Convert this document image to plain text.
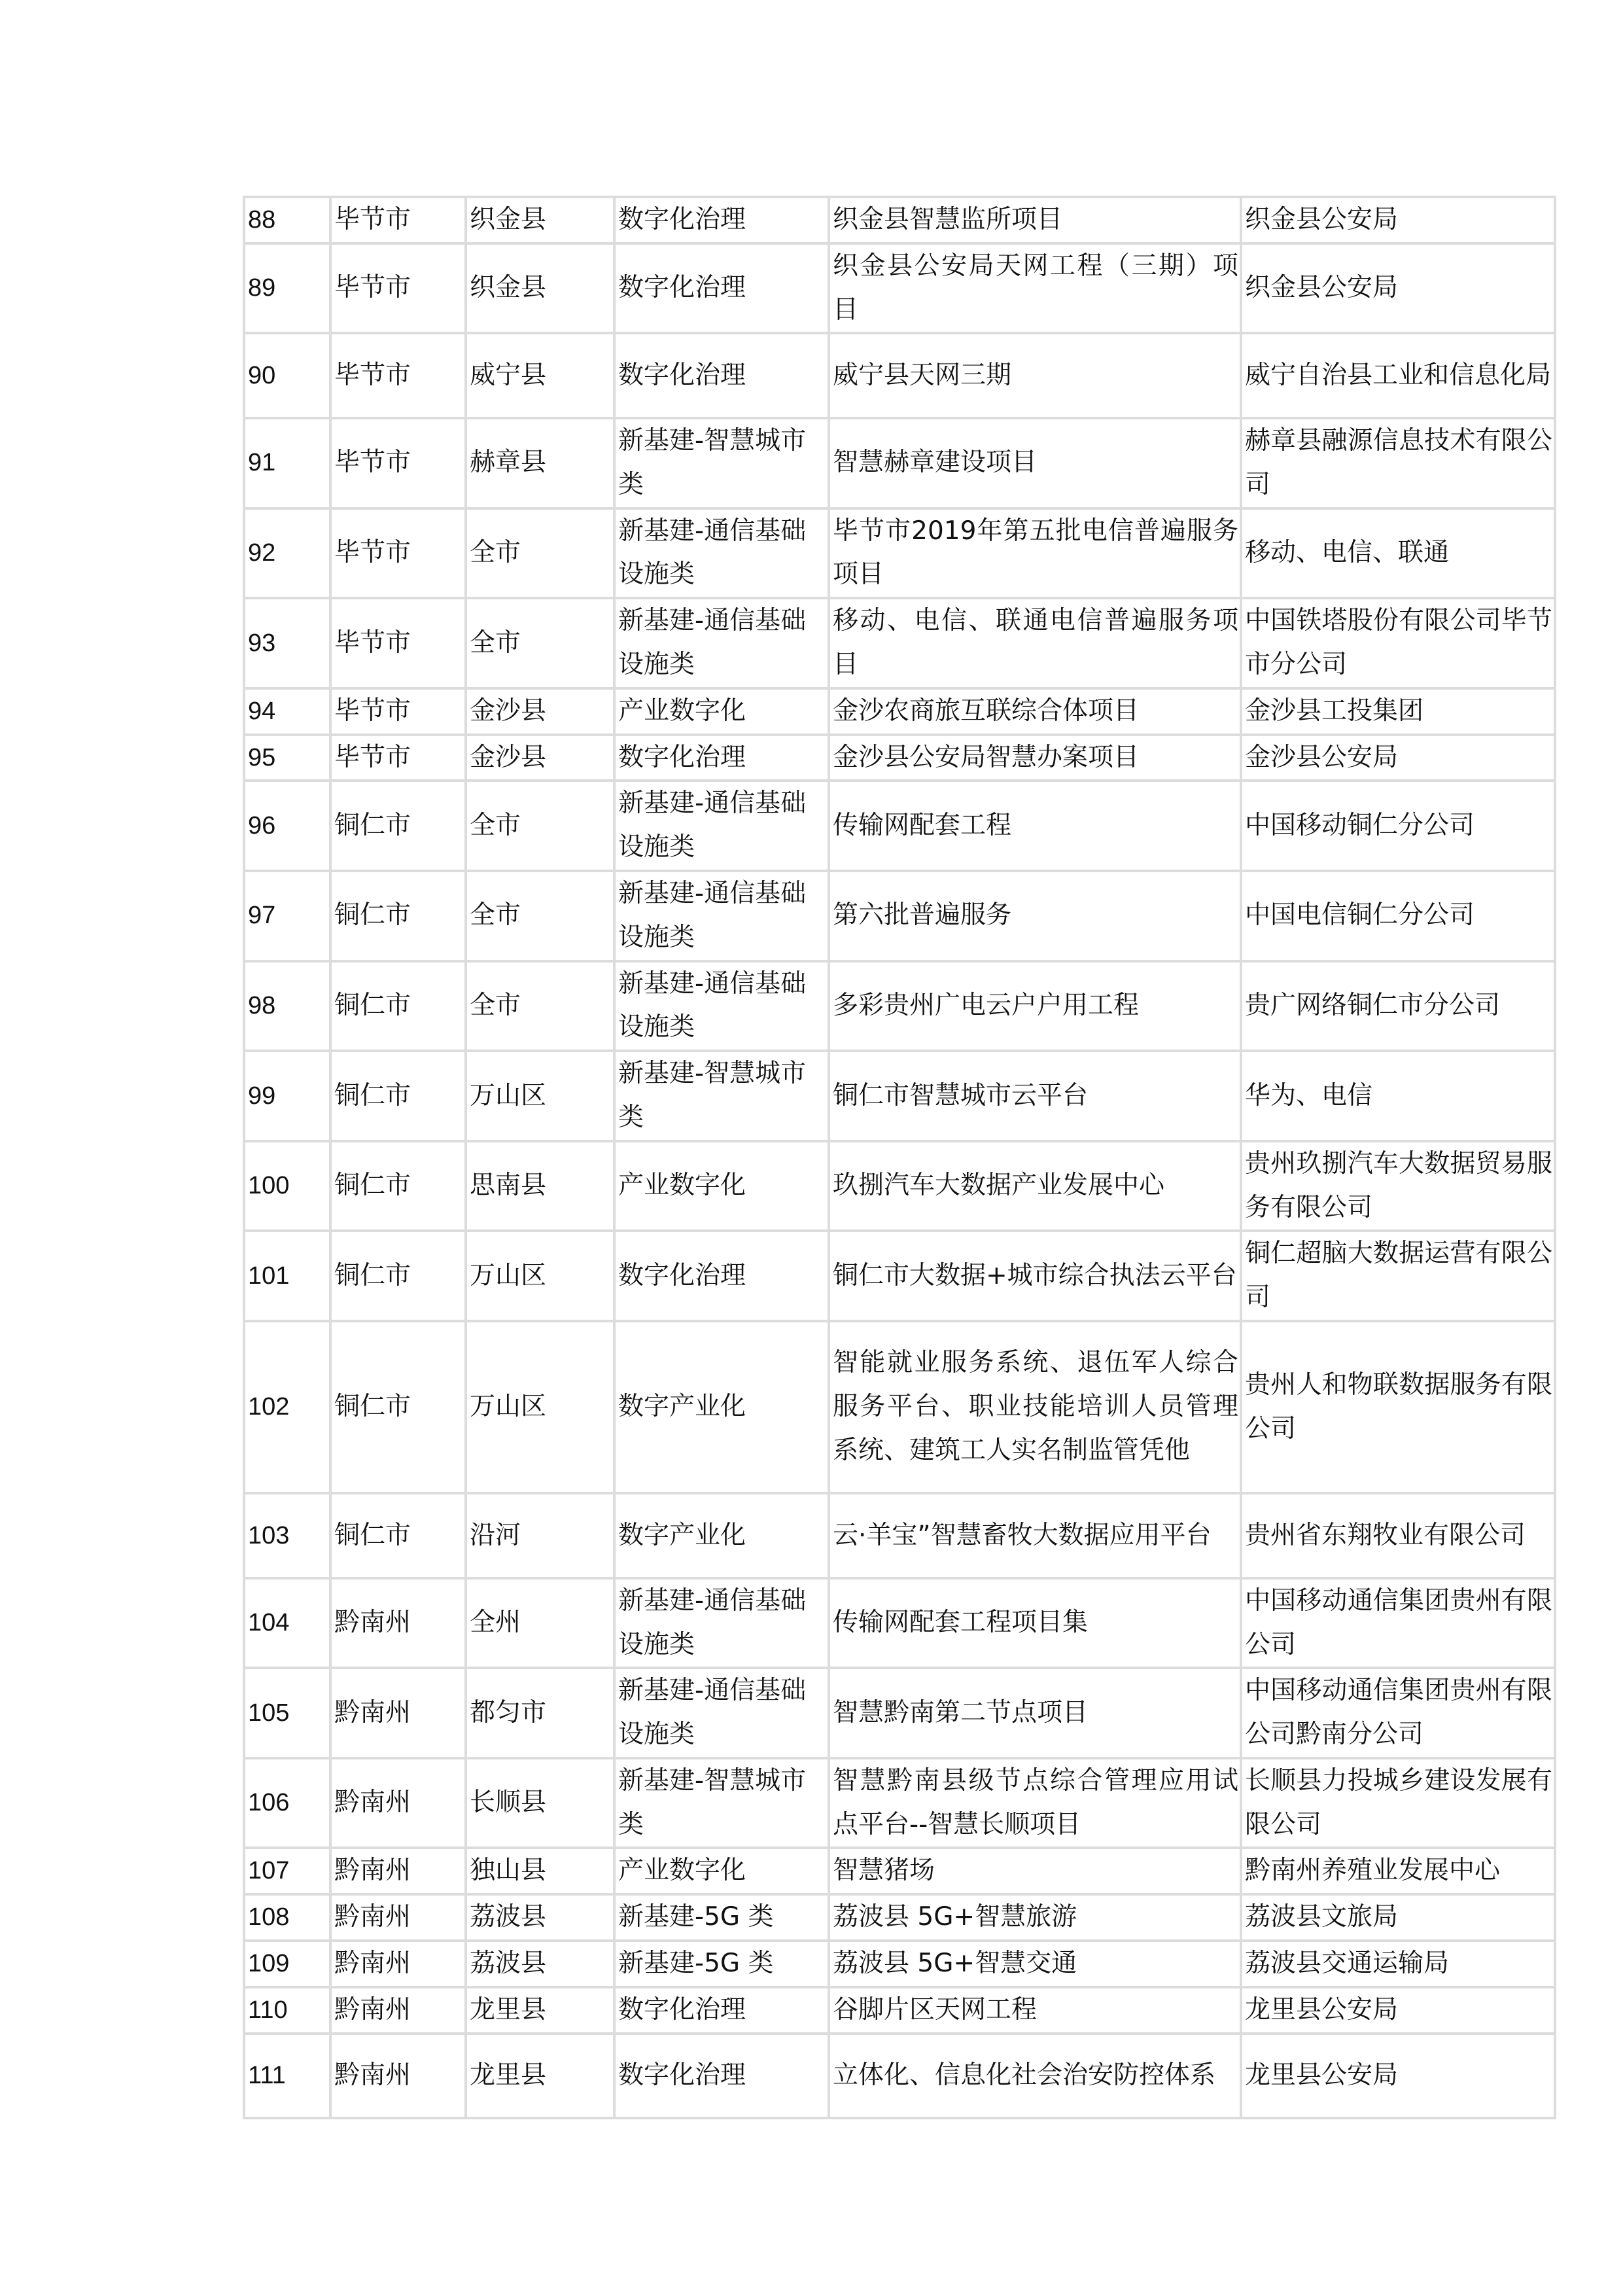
88	毕节市	织金县	数字化治理	织金县智慧监所项目	织金县公安局
89	毕节市	织金县	数字化治理	织金县公安局天网工程（三期）项目	织金县公安局
90	毕节市	威宁县	数字化治理	威宁县天网三期	威宁自治县工业和信息化局
91	毕节市	赫章县	新基建-智慧城市类	智慧赫章建设项目	赫章县融源信息技术有限公司
92	毕节市	全市	新基建-通信基础设施类	毕节市2019年第五批电信普遍服务项目	移动、电信、联通
93	毕节市	全市	新基建-通信基础设施类	移动、电信、联通电信普遍服务项目	中国铁塔股份有限公司毕节市分公司
94	毕节市	金沙县	产业数字化	金沙农商旅互联综合体项目	金沙县工投集团
95	毕节市	金沙县	数字化治理	金沙县公安局智慧办案项目	金沙县公安局
96	铜仁市	全市	新基建-通信基础设施类	传输网配套工程	中国移动铜仁分公司
97	铜仁市	全市	新基建-通信基础设施类	第六批普遍服务	中国电信铜仁分公司
98	铜仁市	全市	新基建-通信基础设施类	多彩贵州广电云户户用工程	贵广网络铜仁市分公司
99	铜仁市	万山区	新基建-智慧城市类	铜仁市智慧城市云平台	华为、电信
100	铜仁市	思南县	产业数字化	玖捌汽车大数据产业发展中心	贵州玖捌汽车大数据贸易服务有限公司
101	铜仁市	万山区	数字化治理	铜仁市大数据+城市综合执法云平台	铜仁超脑大数据运营有限公司
102	铜仁市	万山区	数字产业化	智能就业服务系统、退伍军人综合服务平台、职业技能培训人员管理系统、建筑工人实名制监管凭他	贵州人和物联数据服务有限公司
103	铜仁市	沿河	数字产业化	云·羊宝”智慧畜牧大数据应用平台	贵州省东翔牧业有限公司
104	黔南州	全州	新基建-通信基础设施类	传输网配套工程项目集	中国移动通信集团贵州有限公司
105	黔南州	都匀市	新基建-通信基础设施类	智慧黔南第二节点项目	中国移动通信集团贵州有限公司黔南分公司
106	黔南州	长顺县	新基建-智慧城市类	智慧黔南县级节点综合管理应用试点平台--智慧长顺项目	长顺县力投城乡建设发展有限公司
107	黔南州	独山县	产业数字化	智慧猪场	黔南州养殖业发展中心
108	黔南州	荔波县	新基建-5G 类	荔波县 5G+智慧旅游	荔波县文旅局
109	黔南州	荔波县	新基建-5G 类	荔波县 5G+智慧交通	荔波县交通运输局
110	黔南州	龙里县	数字化治理	谷脚片区天网工程	龙里县公安局
111	黔南州	龙里县	数字化治理	立体化、信息化社会治安防控体系	龙里县公安局
